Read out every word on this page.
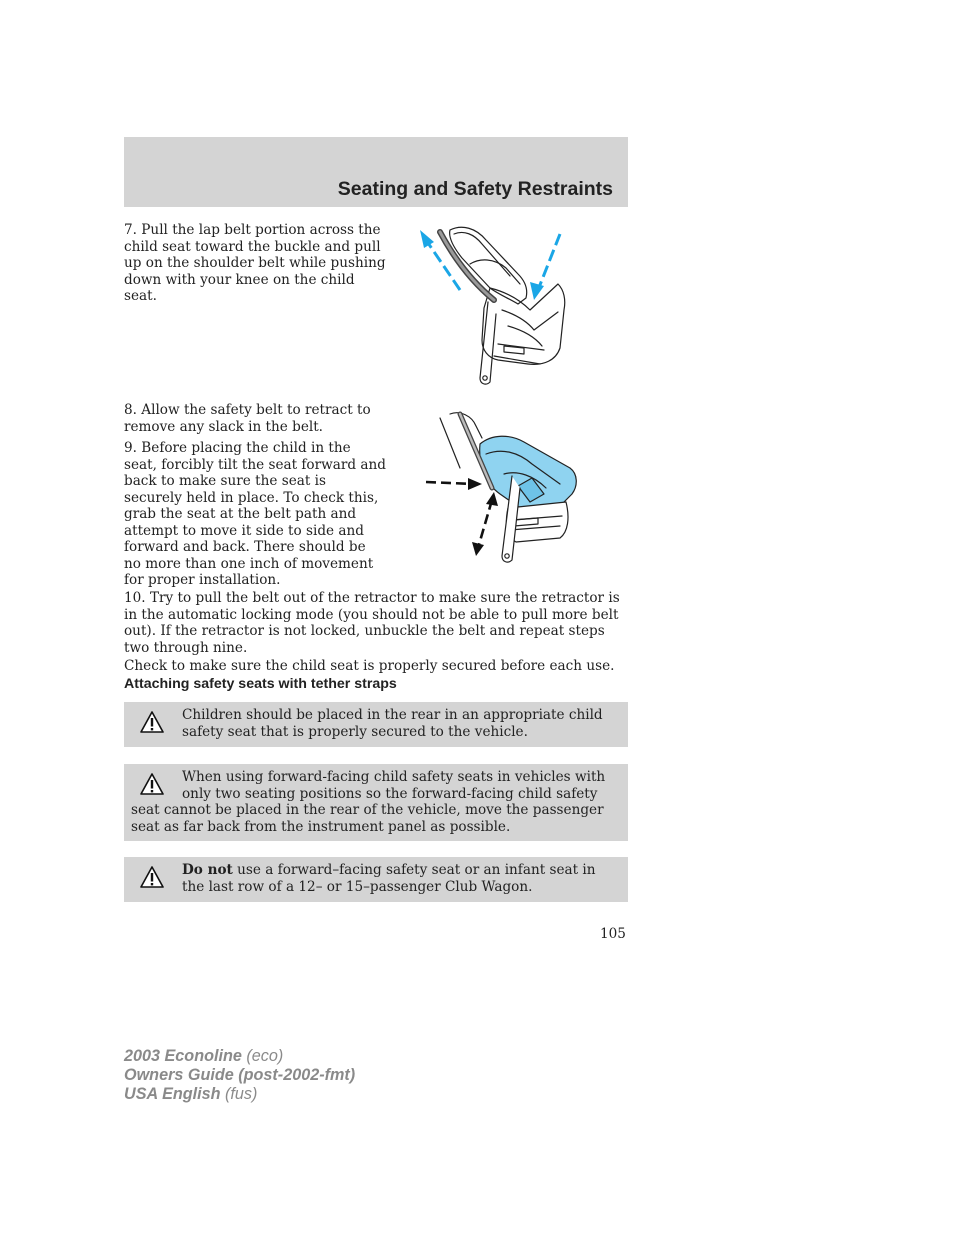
Seating and Safety Restraints
7. Pull the lap belt portion across the child seat toward the buckle and pull up on the shoulder belt while pushing down with your knee on the child seat.

8. Allow the safety belt to retract to remove any slack in the belt.

9. Before placing the child in the seat, forcibly tilt the seat forward and back to make sure the seat is securely held in place. To check this, grab the seat at the belt path and attempt to move it side to side and forward and back. There should be no more than one inch of movement for proper installation.

10. Try to pull the belt out of the retractor to make sure the retractor is in the automatic locking mode (you should not be able to pull more belt out). If the retractor is not locked, unbuckle the belt and repeat steps two through nine.

Check to make sure the child seat is properly secured before each use.

Attaching safety seats with tether straps
Children should be placed in the rear in an appropriate child safety seat that is properly secured to the vehicle.
When using forward-facing child safety seats in vehicles with only two seating positions so the forward-facing child safety seat cannot be placed in the rear of the vehicle, move the passenger seat as far back from the instrument panel as possible.
Do not use a forward–facing safety seat or an infant seat in the last row of a 12– or 15–passenger Club Wagon.
105
2003 Econoline (eco)
Owners Guide (post-2002-fmt)
USA English (fus)
